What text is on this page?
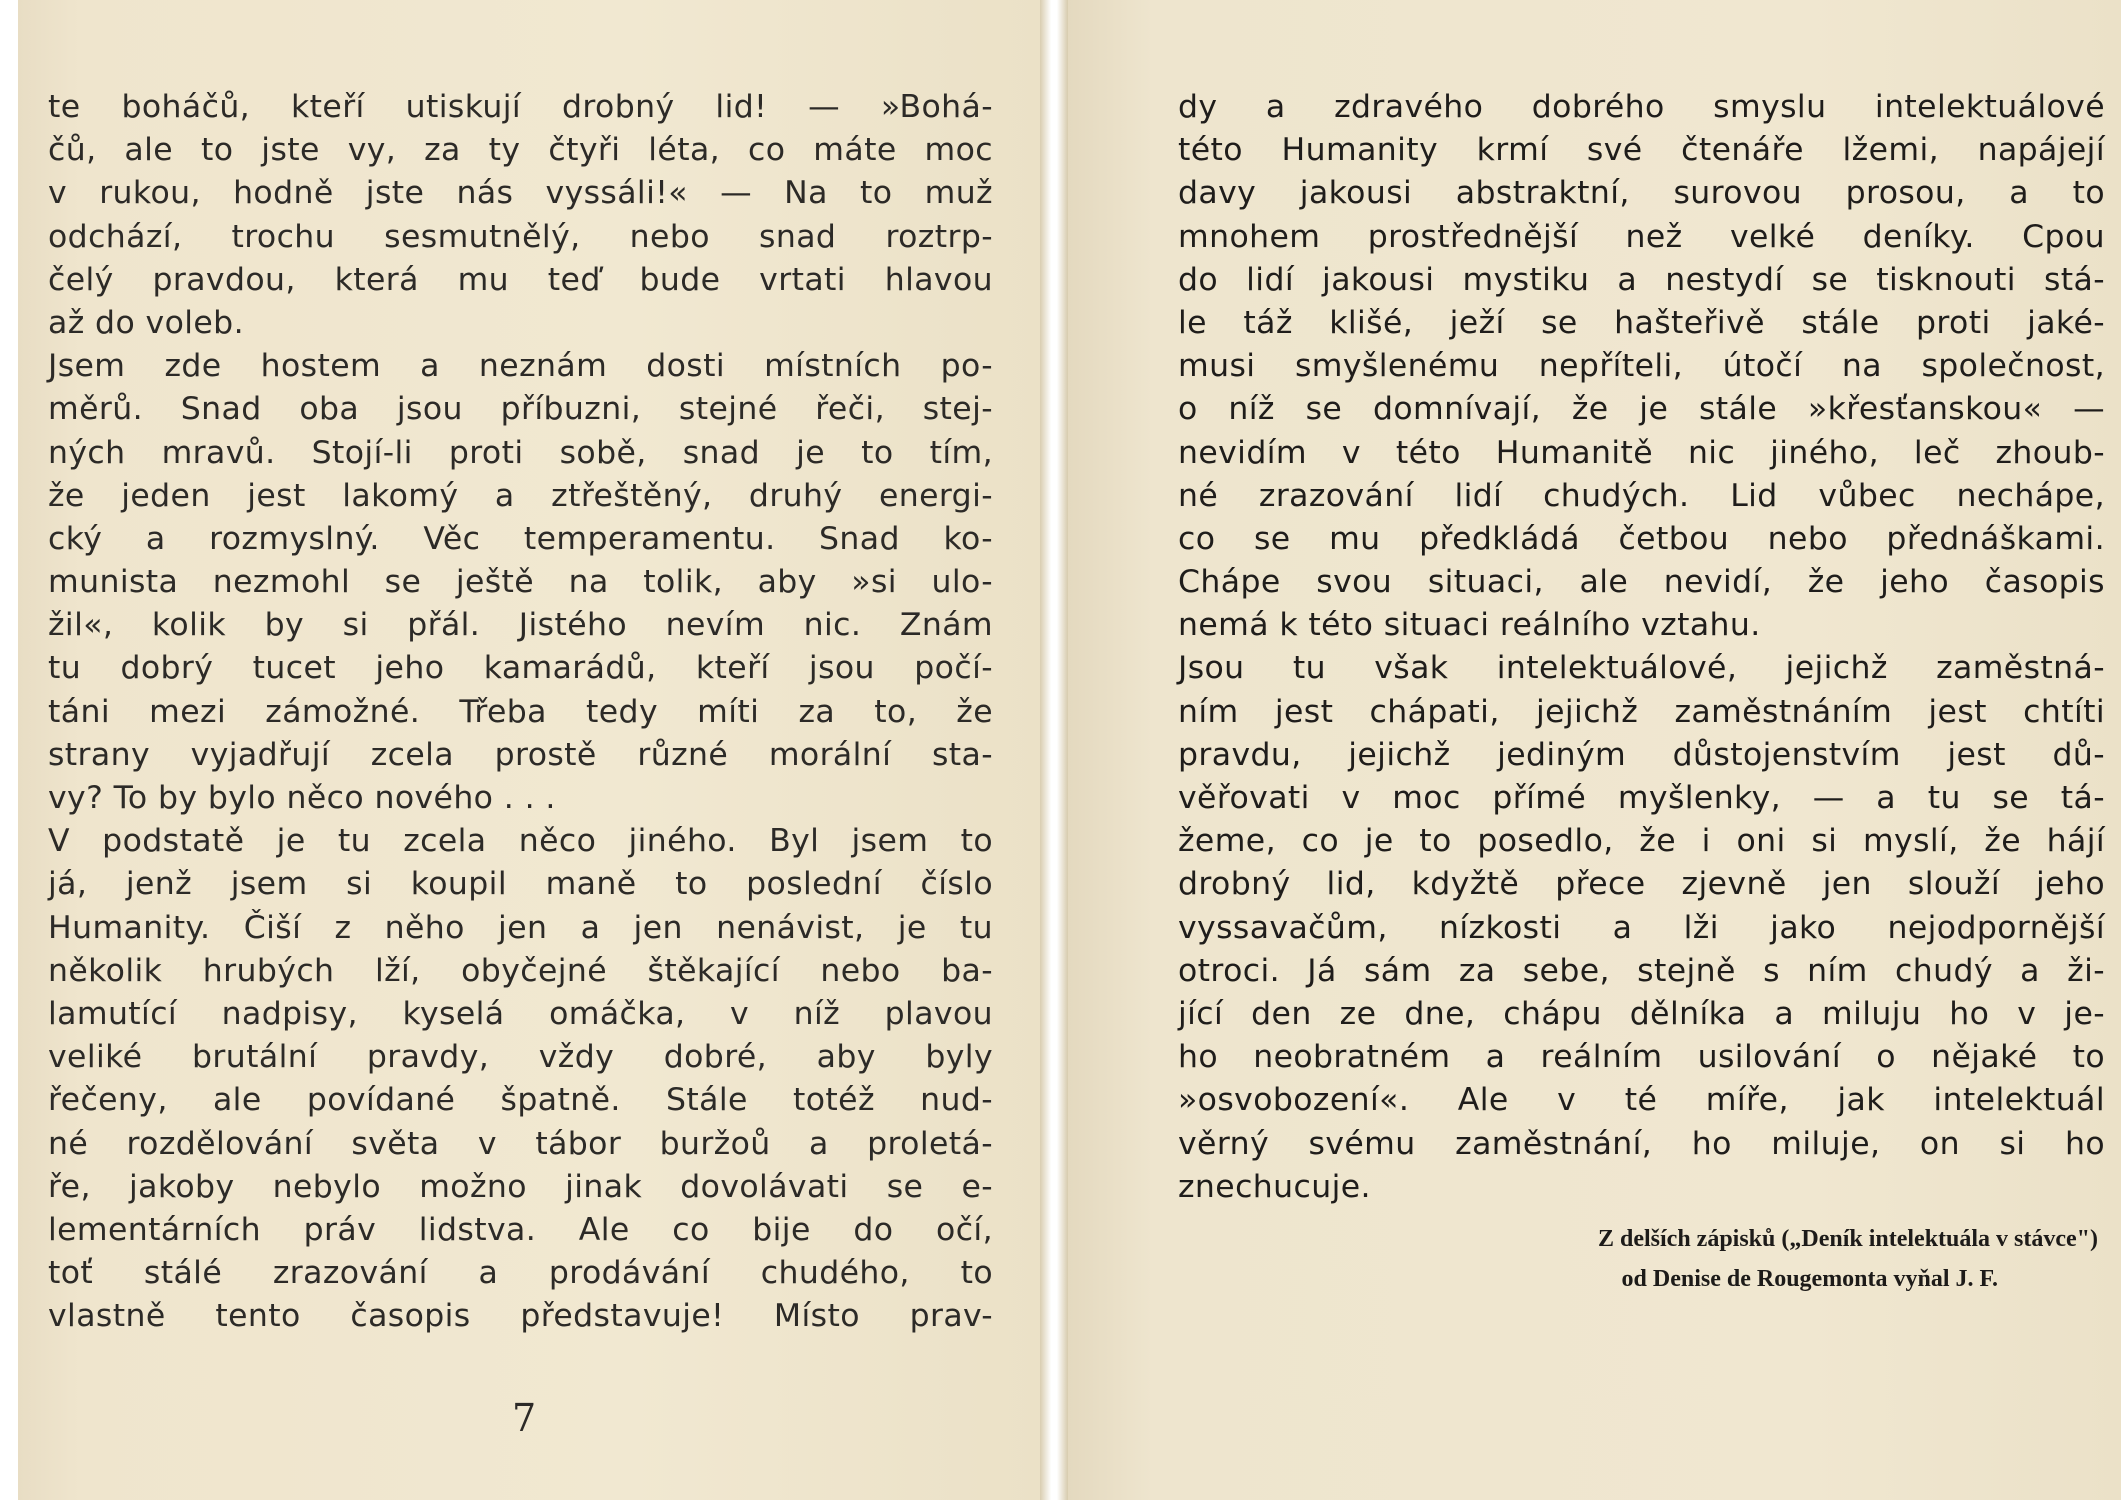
te boháčů, kteří utiskují drobný lid! — »Bohá-
čů, ale to jste vy, za ty čtyři léta, co máte moc
v rukou, hodně jste nás vyssáli!« — Na to muž
odchází, trochu sesmutnělý, nebo snad roztrp-
čelý pravdou, která mu teď bude vrtati hlavou
až do voleb.
Jsem zde hostem a neznám dosti místních po-
měrů. Snad oba jsou příbuzni, stejné řeči, stej-
ných mravů. Stojí-li proti sobě, snad je to tím,
že jeden jest lakomý a ztřeštěný, druhý energi-
cký a rozmyslný. Věc temperamentu. Snad ko-
munista nezmohl se ještě na tolik, aby »si ulo-
žil«, kolik by si přál. Jistého nevím nic. Znám
tu dobrý tucet jeho kamarádů, kteří jsou počí-
táni mezi zámožné. Třeba tedy míti za to, že
strany vyjadřují zcela prostě různé morální sta-
vy? To by bylo něco nového . . .
V podstatě je tu zcela něco jiného. Byl jsem to
já, jenž jsem si koupil maně to poslední číslo
Humanity. Čiší z něho jen a jen nenávist, je tu
několik hrubých lží, obyčejné štěkající nebo ba-
lamutící nadpisy, kyselá omáčka, v níž plavou
veliké brutální pravdy, vždy dobré, aby byly
řečeny, ale povídané špatně. Stále totéž nud-
né rozdělování světa v tábor buržoů a proletá-
ře, jakoby nebylo možno jinak dovolávati se e-
lementárních práv lidstva. Ale co bije do očí,
toť stálé zrazování a prodávání chudého, to
vlastně tento časopis představuje! Místo prav-
7
dy a zdravého dobrého smyslu intelektuálové
této Humanity krmí své čtenáře lžemi, napájejí
davy jakousi abstraktní, surovou prosou, a to
mnohem prostřednější než velké deníky. Cpou
do lidí jakousi mystiku a nestydí se tisknouti stá-
le táž klišé, ježí se hašteřivě stále proti jaké-
musi smyšlenému nepříteli, útočí na společnost,
o níž se domnívají, že je stále »křesťanskou« —
nevidím v této Humanitě nic jiného, leč zhoub-
né zrazování lidí chudých. Lid vůbec nechápe,
co se mu předkládá četbou nebo přednáškami.
Chápe svou situaci, ale nevidí, že jeho časopis
nemá k této situaci reálního vztahu.
Jsou tu však intelektuálové, jejichž zaměstná-
ním jest chápati, jejichž zaměstnáním jest chtíti
pravdu, jejichž jediným důstojenstvím jest dů-
věřovati v moc přímé myšlenky, — a tu se tá-
žeme, co je to posedlo, že i oni si myslí, že hájí
drobný lid, kdyžtě přece zjevně jen slouží jeho
vyssavačům, nízkosti a lži jako nejodpornější
otroci. Já sám za sebe, stejně s ním chudý a ži-
jící den ze dne, chápu dělníka a miluju ho v je-
ho neobratném a reálním usilování o nějaké to
»osvobození«. Ale v té míře, jak intelektuál
věrný svému zaměstnání, ho miluje, on si ho
znechucuje.
Z delších zápisků („Deník intelektuála v stávce")
od Denise de Rougemonta vyňal J. F.
